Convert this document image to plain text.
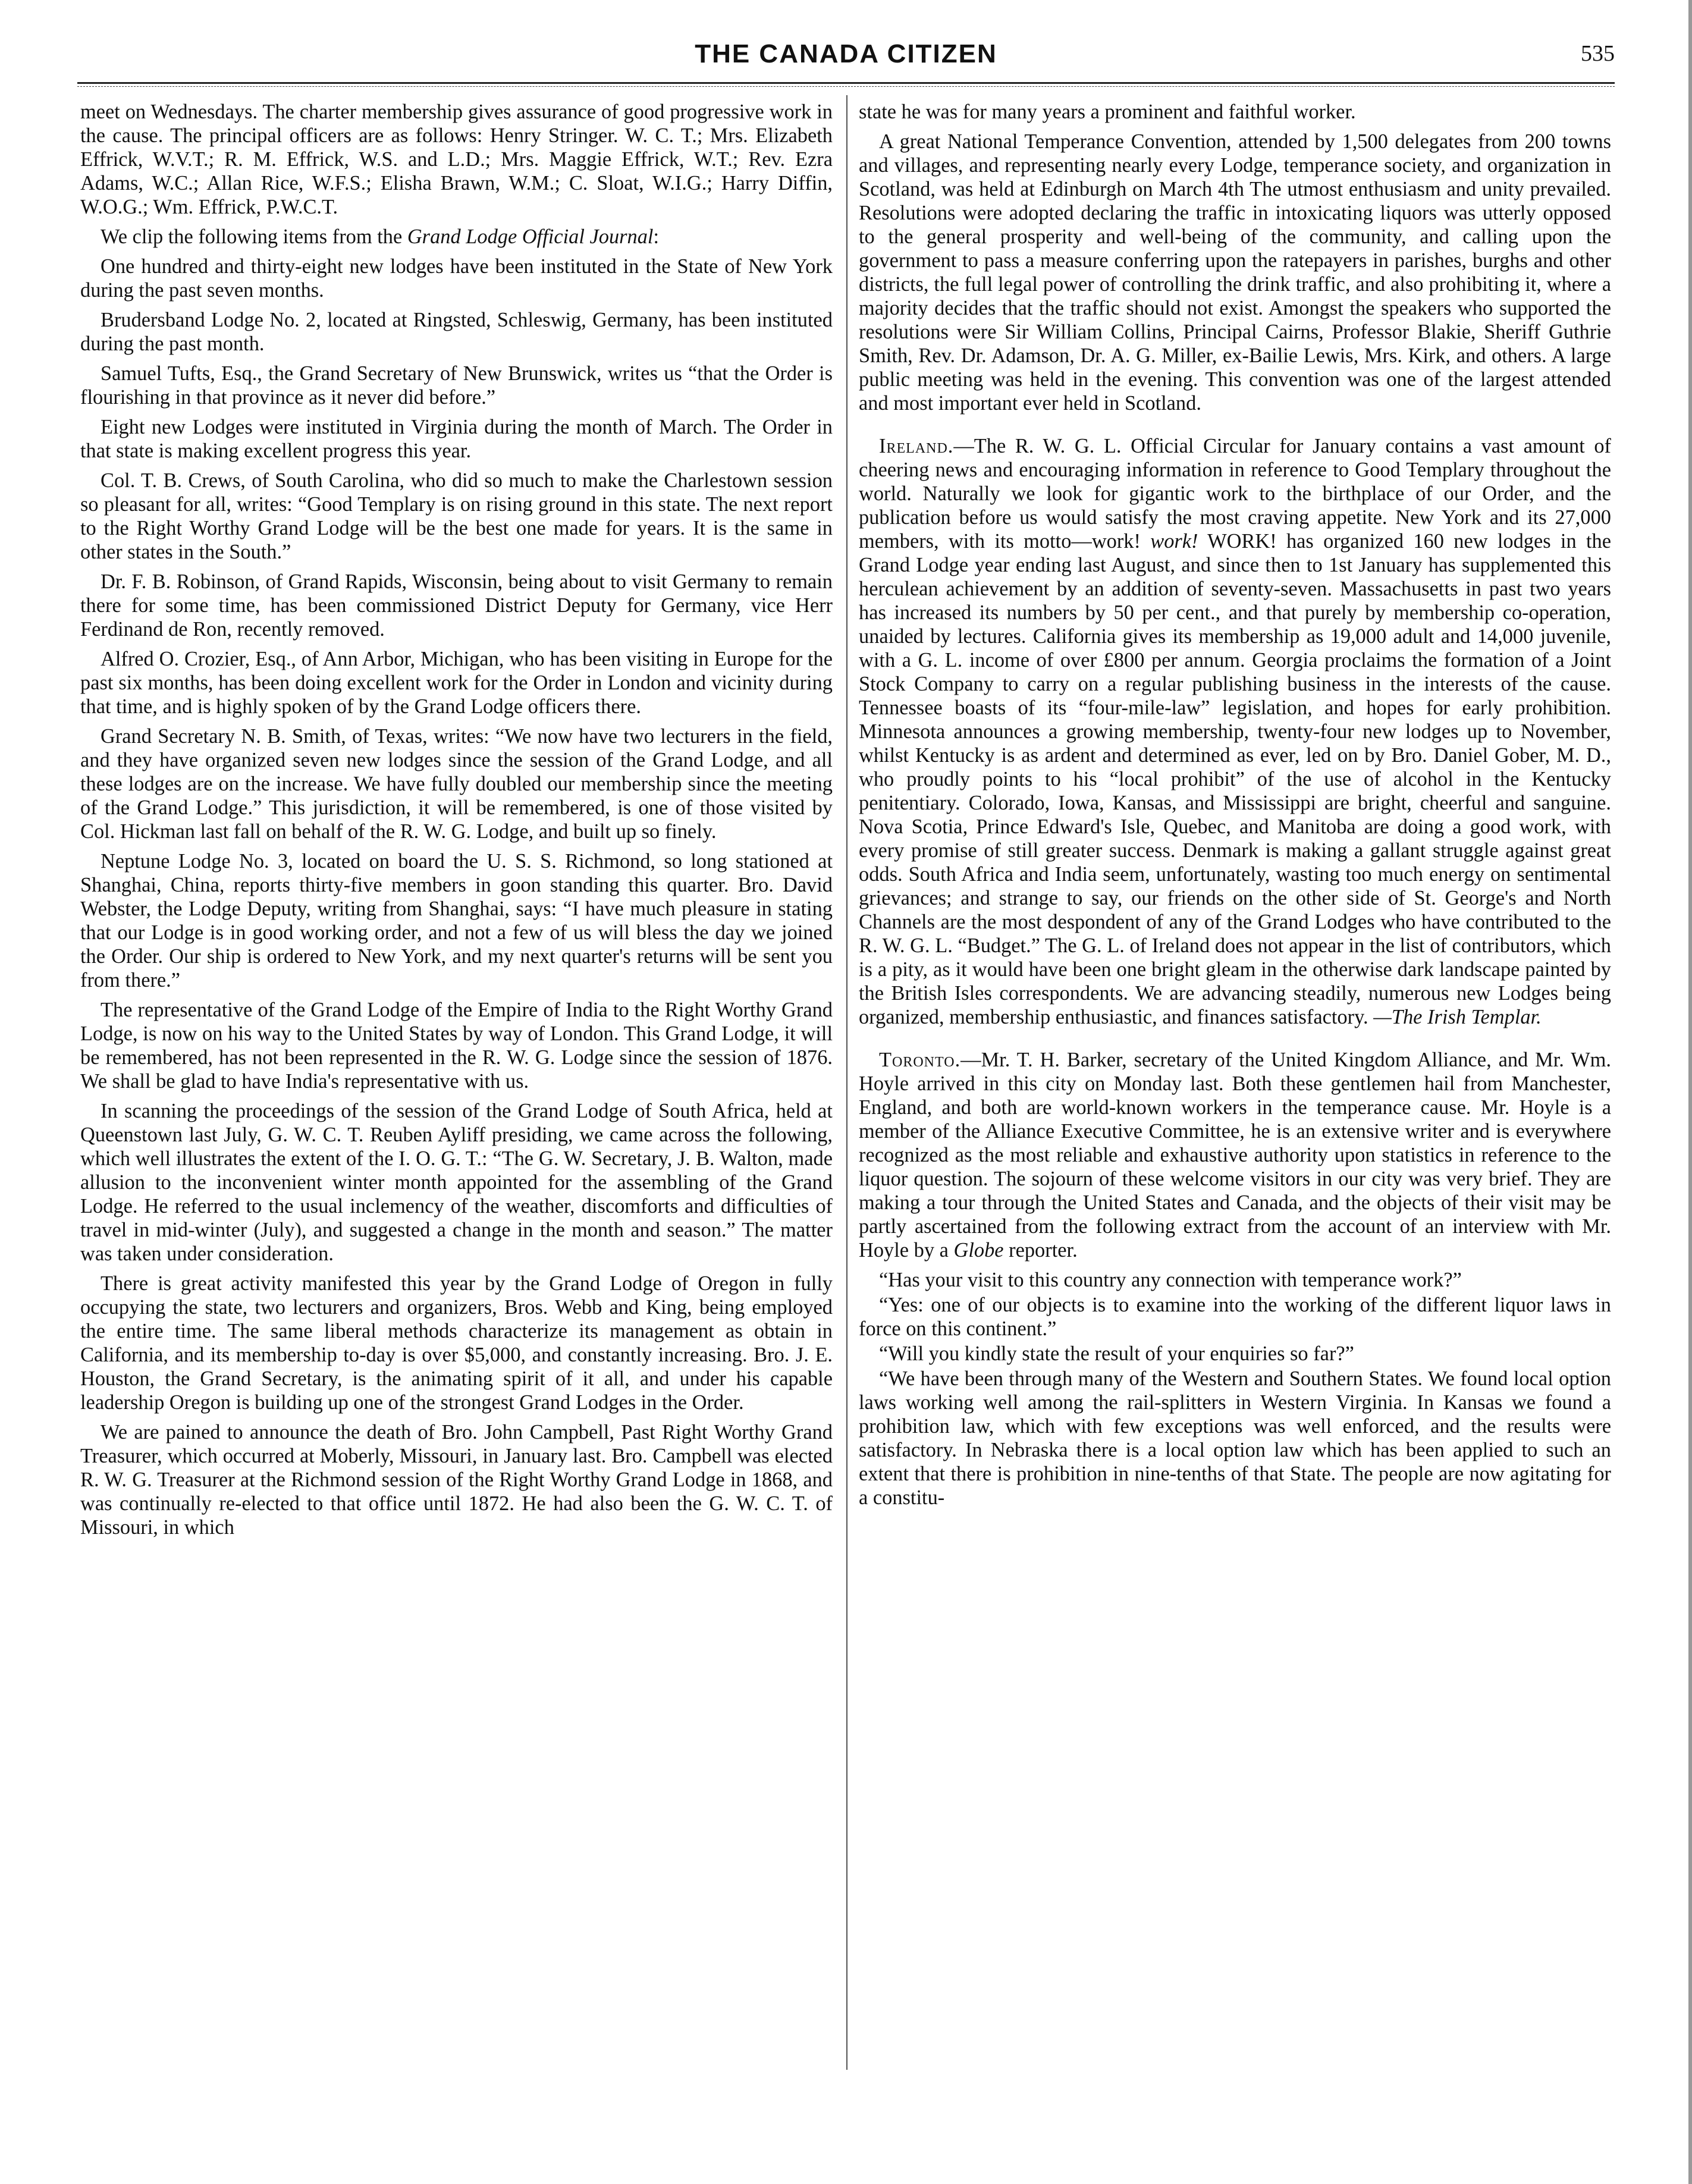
THE CANADA CITIZEN	535

meet on Wednesdays. The charter membership gives assurance of good progressive work in the cause. The principal officers are as follows: Henry Stringer. W. C. T.; Mrs. Elizabeth Effrick, W.V.T.; R. M. Effrick, W.S. and L.D.; Mrs. Maggie Effrick, W.T.; Rev. Ezra Adams, W.C.; Allan Rice, W.F.S.; Elisha Brawn, W.M.; C. Sloat, W.I.G.; Harry Diffin, W.O.G.; Wm. Effrick, P.W.C.T.

We clip the following items from the Grand Lodge Official Journal:

One hundred and thirty-eight new lodges have been instituted in the State of New York during the past seven months.

Brudersband Lodge No. 2, located at Ringsted, Schleswig, Germany, has been instituted during the past month.

Samuel Tufts, Esq., the Grand Secretary of New Brunswick, writes us “that the Order is flourishing in that province as it never did before.”

Eight new Lodges were instituted in Virginia during the month of March. The Order in that state is making excellent progress this year.

Col. T. B. Crews, of South Carolina, who did so much to make the Charlestown session so pleasant for all, writes: “Good Templary is on rising ground in this state. The next report to the Right Worthy Grand Lodge will be the best one made for years. It is the same in other states in the South.”

Dr. F. B. Robinson, of Grand Rapids, Wisconsin, being about to visit Germany to remain there for some time, has been commissioned District Deputy for Germany, vice Herr Ferdinand de Ron, recently removed.

Alfred O. Crozier, Esq., of Ann Arbor, Michigan, who has been visiting in Europe for the past six months, has been doing excellent work for the Order in London and vicinity during that time, and is highly spoken of by the Grand Lodge officers there.

Grand Secretary N. B. Smith, of Texas, writes: “We now have two lecturers in the field, and they have organized seven new lodges since the session of the Grand Lodge, and all these lodges are on the increase. We have fully doubled our membership since the meeting of the Grand Lodge.” This jurisdiction, it will be remembered, is one of those visited by Col. Hickman last fall on behalf of the R. W. G. Lodge, and built up so finely.

Neptune Lodge No. 3, located on board the U. S. S. Richmond, so long stationed at Shanghai, China, reports thirty-five members in goon standing this quarter. Bro. David Webster, the Lodge Deputy, writing from Shanghai, says: “I have much pleasure in stating that our Lodge is in good working order, and not a few of us will bless the day we joined the Order. Our ship is ordered to New York, and my next quarter's returns will be sent you from there.”

The representative of the Grand Lodge of the Empire of India to the Right Worthy Grand Lodge, is now on his way to the United States by way of London. This Grand Lodge, it will be remembered, has not been represented in the R. W. G. Lodge since the session of 1876. We shall be glad to have India's representative with us.

In scanning the proceedings of the session of the Grand Lodge of South Africa, held at Queenstown last July, G. W. C. T. Reuben Ayliff presiding, we came across the following, which well illustrates the extent of the I. O. G. T.: “The G. W. Secretary, J. B. Walton, made allusion to the inconvenient winter month appointed for the assembling of the Grand Lodge. He referred to the usual inclemency of the weather, discomforts and difficulties of travel in mid-winter (July), and suggested a change in the month and season.” The matter was taken under consideration.

There is great activity manifested this year by the Grand Lodge of Oregon in fully occupying the state, two lecturers and organizers, Bros. Webb and King, being employed the entire time. The same liberal methods characterize its management as obtain in California, and its membership to-day is over $5,000, and constantly increasing. Bro. J. E. Houston, the Grand Secretary, is the animating spirit of it all, and under his capable leadership Oregon is building up one of the strongest Grand Lodges in the Order.

We are pained to announce the death of Bro. John Campbell, Past Right Worthy Grand Treasurer, which occurred at Moberly, Missouri, in January last. Bro. Campbell was elected R. W. G. Treasurer at the Richmond session of the Right Worthy Grand Lodge in 1868, and was continually re-elected to that office until 1872. He had also been the G. W. C. T. of Missouri, in which

state he was for many years a prominent and faithful worker.

A great National Temperance Convention, attended by 1,500 delegates from 200 towns and villages, and representing nearly every Lodge, temperance society, and organization in Scotland, was held at Edinburgh on March 4th The utmost enthusiasm and unity prevailed. Resolutions were adopted declaring the traffic in intoxicating liquors was utterly opposed to the general prosperity and well-being of the community, and calling upon the government to pass a measure conferring upon the ratepayers in parishes, burghs and other districts, the full legal power of controlling the drink traffic, and also prohibiting it, where a majority decides that the traffic should not exist. Amongst the speakers who supported the resolutions were Sir William Collins, Principal Cairns, Professor Blakie, Sheriff Guthrie Smith, Rev. Dr. Adamson, Dr. A. G. Miller, ex-Bailie Lewis, Mrs. Kirk, and others. A large public meeting was held in the evening. This convention was one of the largest attended and most important ever held in Scotland.

Ireland.—The R. W. G. L. Official Circular for January contains a vast amount of cheering news and encouraging information in reference to Good Templary throughout the world. Naturally we look for gigantic work to the birthplace of our Order, and the publication before us would satisfy the most craving appetite. New York and its 27,000 members, with its motto—work! work! WORK! has organized 160 new lodges in the Grand Lodge year ending last August, and since then to 1st January has supplemented this herculean achievement by an addition of seventy-seven. Massachusetts in past two years has increased its numbers by 50 per cent., and that purely by membership co-operation, unaided by lectures. California gives its membership as 19,000 adult and 14,000 juvenile, with a G. L. income of over £800 per annum. Georgia proclaims the formation of a Joint Stock Company to carry on a regular publishing business in the interests of the cause. Tennessee boasts of its “four-mile-law” legislation, and hopes for early prohibition. Minnesota announces a growing membership, twenty-four new lodges up to November, whilst Kentucky is as ardent and determined as ever, led on by Bro. Daniel Gober, M. D., who proudly points to his “local prohibit” of the use of alcohol in the Kentucky penitentiary. Colorado, Iowa, Kansas, and Mississippi are bright, cheerful and sanguine. Nova Scotia, Prince Edward's Isle, Quebec, and Manitoba are doing a good work, with every promise of still greater success. Denmark is making a gallant struggle against great odds. South Africa and India seem, unfortunately, wasting too much energy on sentimental grievances; and strange to say, our friends on the other side of St. George's and North Channels are the most despondent of any of the Grand Lodges who have contributed to the R. W. G. L. “Budget.” The G. L. of Ireland does not appear in the list of contributors, which is a pity, as it would have been one bright gleam in the otherwise dark landscape painted by the British Isles correspondents. We are advancing steadily, numerous new Lodges being organized, membership enthusiastic, and finances satisfactory. —The Irish Templar.

Toronto.—Mr. T. H. Barker, secretary of the United Kingdom Alliance, and Mr. Wm. Hoyle arrived in this city on Monday last. Both these gentlemen hail from Manchester, England, and both are world-known workers in the temperance cause. Mr. Hoyle is a member of the Alliance Executive Committee, he is an extensive writer and is everywhere recognized as the most reliable and exhaustive authority upon statistics in reference to the liquor question. The sojourn of these welcome visitors in our city was very brief. They are making a tour through the United States and Canada, and the objects of their visit may be partly ascertained from the following extract from the account of an interview with Mr. Hoyle by a Globe reporter.

“Has your visit to this country any connection with temperance work?”

“Yes: one of our objects is to examine into the working of the different liquor laws in force on this continent.”

“Will you kindly state the result of your enquiries so far?”

“We have been through many of the Western and Southern States. We found local option laws working well among the rail-splitters in Western Virginia. In Kansas we found a prohibition law, which with few exceptions was well enforced, and the results were satisfactory. In Nebraska there is a local option law which has been applied to such an extent that there is prohibition in nine-tenths of that State. The people are now agitating for a constitu-
